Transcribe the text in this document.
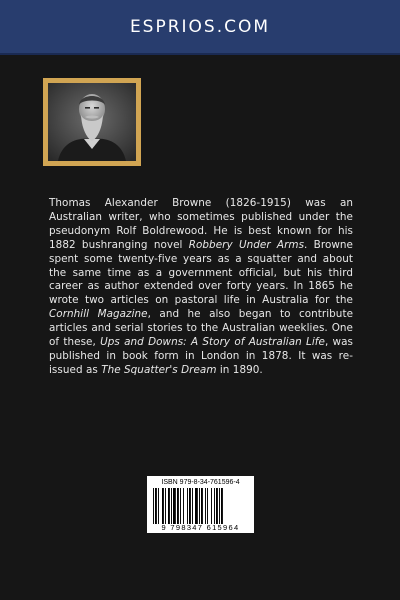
ESPRIOS.COM
Thomas Alexander Browne (1826-1915) was an Australian writer, who sometimes published under the pseudonym Rolf Boldrewood. He is best known for his 1882 bushranging novel Robbery Under Arms. Browne spent some twenty-five years as a squatter and about the same time as a government official, but his third career as author extended over forty years. In 1865 he wrote two articles on pastoral life in Australia for the Cornhill Magazine, and he also began to contribute articles and serial stories to the Australian weeklies. One of these, Ups and Downs: A Story of Australian Life, was published in book form in London in 1878. It was re-issued as The Squatter's Dream in 1890.
ISBN 979-8-34-761596-4
9 798347 615964
